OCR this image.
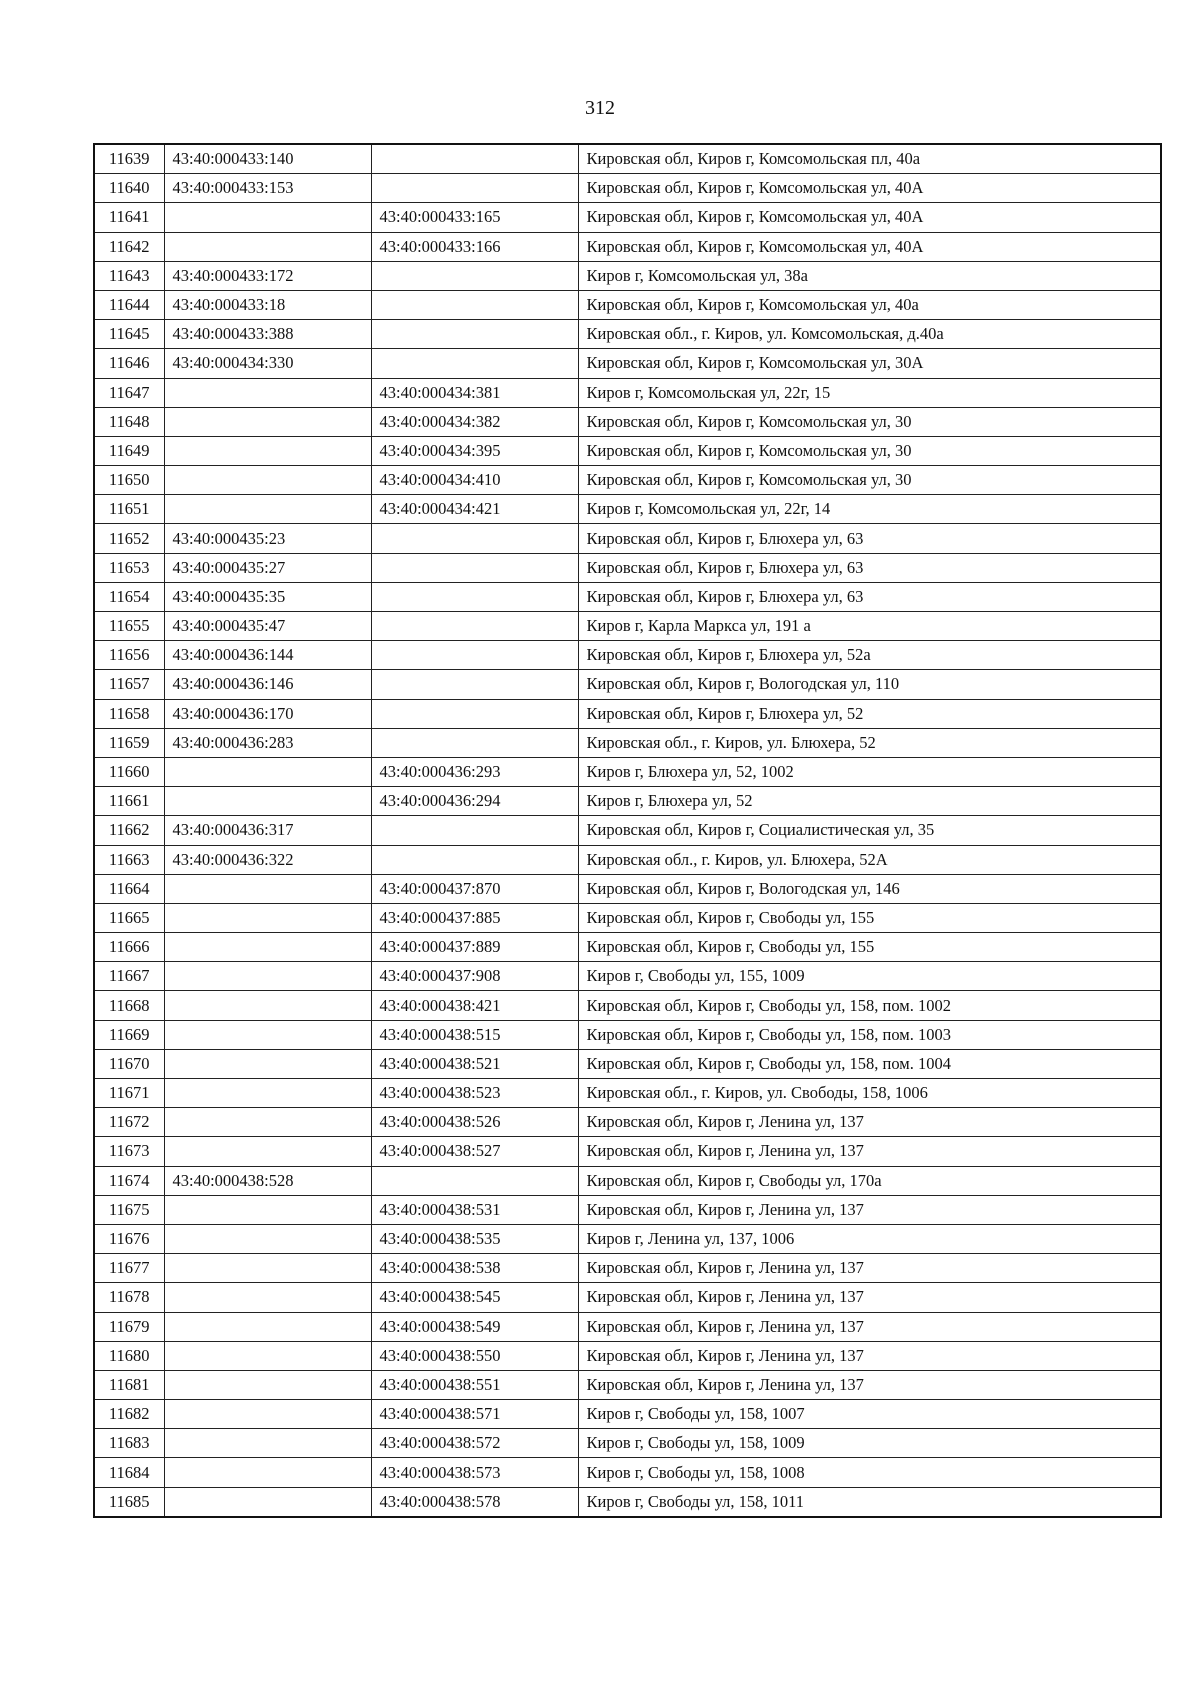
312
11639	43:40:000433:140		Кировская обл, Киров г, Комсомольская пл, 40а
11640	43:40:000433:153		Кировская обл, Киров г, Комсомольская ул, 40А
11641		43:40:000433:165	Кировская обл, Киров г, Комсомольская ул, 40А
11642		43:40:000433:166	Кировская обл, Киров г, Комсомольская ул, 40А
11643	43:40:000433:172		Киров г, Комсомольская ул, 38а
11644	43:40:000433:18		Кировская обл, Киров г, Комсомольская ул, 40а
11645	43:40:000433:388		Кировская обл., г. Киров, ул. Комсомольская, д.40а
11646	43:40:000434:330		Кировская обл, Киров г, Комсомольская ул, 30А
11647		43:40:000434:381	Киров г, Комсомольская ул, 22г, 15
11648		43:40:000434:382	Кировская обл, Киров г, Комсомольская ул, 30
11649		43:40:000434:395	Кировская обл, Киров г, Комсомольская ул, 30
11650		43:40:000434:410	Кировская обл, Киров г, Комсомольская ул, 30
11651		43:40:000434:421	Киров г, Комсомольская ул, 22г, 14
11652	43:40:000435:23		Кировская обл, Киров г, Блюхера ул, 63
11653	43:40:000435:27		Кировская обл, Киров г, Блюхера ул, 63
11654	43:40:000435:35		Кировская обл, Киров г, Блюхера ул, 63
11655	43:40:000435:47		Киров г, Карла Маркса ул, 191 а
11656	43:40:000436:144		Кировская обл, Киров г, Блюхера ул, 52а
11657	43:40:000436:146		Кировская обл, Киров г, Вологодская ул, 110
11658	43:40:000436:170		Кировская обл, Киров г, Блюхера ул, 52
11659	43:40:000436:283		Кировская обл., г. Киров, ул. Блюхера, 52
11660		43:40:000436:293	Киров г, Блюхера ул, 52, 1002
11661		43:40:000436:294	Киров г, Блюхера ул, 52
11662	43:40:000436:317		Кировская обл, Киров г, Социалистическая ул, 35
11663	43:40:000436:322		Кировская обл., г. Киров, ул. Блюхера, 52А
11664		43:40:000437:870	Кировская обл, Киров г, Вологодская ул, 146
11665		43:40:000437:885	Кировская обл, Киров г, Свободы ул, 155
11666		43:40:000437:889	Кировская обл, Киров г, Свободы ул, 155
11667		43:40:000437:908	Киров г, Свободы ул, 155, 1009
11668		43:40:000438:421	Кировская обл, Киров г, Свободы ул, 158, пом. 1002
11669		43:40:000438:515	Кировская обл, Киров г, Свободы ул, 158, пом. 1003
11670		43:40:000438:521	Кировская обл, Киров г, Свободы ул, 158, пом. 1004
11671		43:40:000438:523	Кировская обл., г. Киров, ул. Свободы, 158, 1006
11672		43:40:000438:526	Кировская обл, Киров г, Ленина ул, 137
11673		43:40:000438:527	Кировская обл, Киров г, Ленина ул, 137
11674	43:40:000438:528		Кировская обл, Киров г, Свободы ул, 170а
11675		43:40:000438:531	Кировская обл, Киров г, Ленина ул, 137
11676		43:40:000438:535	Киров г, Ленина ул, 137, 1006
11677		43:40:000438:538	Кировская обл, Киров г, Ленина ул, 137
11678		43:40:000438:545	Кировская обл, Киров г, Ленина ул, 137
11679		43:40:000438:549	Кировская обл, Киров г, Ленина ул, 137
11680		43:40:000438:550	Кировская обл, Киров г, Ленина ул, 137
11681		43:40:000438:551	Кировская обл, Киров г, Ленина ул, 137
11682		43:40:000438:571	Киров г, Свободы ул, 158, 1007
11683		43:40:000438:572	Киров г, Свободы ул, 158, 1009
11684		43:40:000438:573	Киров г, Свободы ул, 158, 1008
11685		43:40:000438:578	Киров г, Свободы ул, 158, 1011
